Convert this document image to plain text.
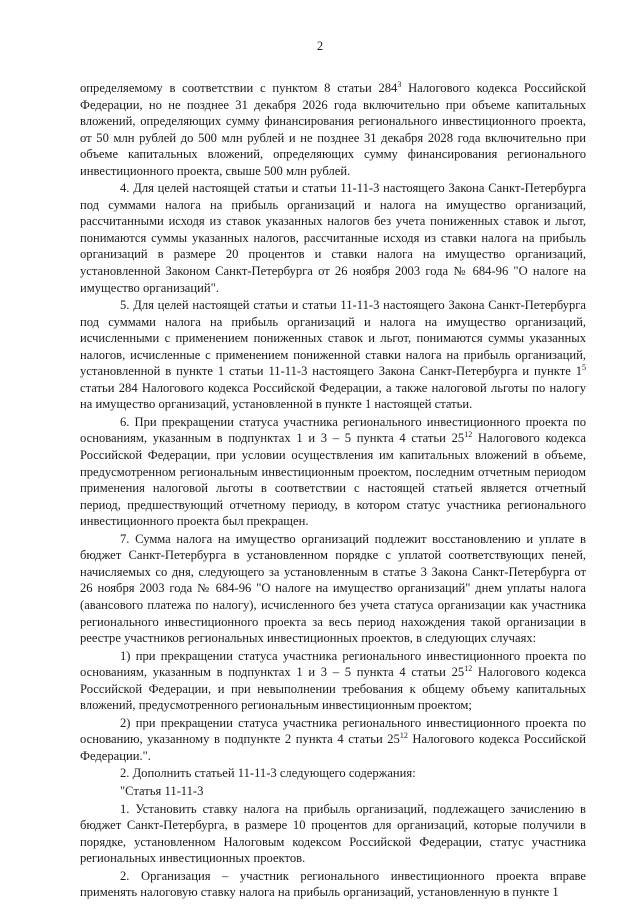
2

определяемому в соответствии с пунктом 8 статьи $284^3$ Налогового кодекса Российской Федерации, но не позднее 31 декабря 2026 года включительно при объеме капитальных вложений, определяющих сумму финансирования регионального инвестиционного проекта, от 50 млн рублей до 500 млн рублей и не позднее 31 декабря 2028 года включительно при объеме капитальных вложений, определяющих сумму финансирования регионального инвестиционного проекта, свыше 500 млн рублей.

4. Для целей настоящей статьи и статьи 11-11-3 настоящего Закона Санкт-Петербурга под суммами налога на прибыль организаций и налога на имущество организаций, рассчитанными исходя из ставок указанных налогов без учета пониженных ставок и льгот, понимаются суммы указанных налогов, рассчитанные исходя из ставки налога на прибыль организаций в размере 20 процентов и ставки налога на имущество организаций, установленной Законом Санкт-Петербурга от 26 ноября 2003 года № 684-96 "О налоге на имущество организаций".

5. Для целей настоящей статьи и статьи 11-11-3 настоящего Закона Санкт-Петербурга под суммами налога на прибыль организаций и налога на имущество организаций, исчисленными с применением пониженных ставок и льгот, понимаются суммы указанных налогов, исчисленные с применением пониженной ставки налога на прибыль организаций, установленной в пункте 1 статьи 11-11-3 настоящего Закона Санкт-Петербурга и пункте $1^5$ статьи 284 Налогового кодекса Российской Федерации, а также налоговой льготы по налогу на имущество организаций, установленной в пункте 1 настоящей статьи.

6. При прекращении статуса участника регионального инвестиционного проекта по основаниям, указанным в подпунктах 1 и 3 – 5 пункта 4 статьи $25^{12}$ Налогового кодекса Российской Федерации, при условии осуществления им капитальных вложений в объеме, предусмотренном региональным инвестиционным проектом, последним отчетным периодом применения налоговой льготы в соответствии с настоящей статьей является отчетный период, предшествующий отчетному периоду, в котором статус участника регионального инвестиционного проекта был прекращен.

7. Сумма налога на имущество организаций подлежит восстановлению и уплате в бюджет Санкт-Петербурга в установленном порядке с уплатой соответствующих пеней, начисляемых со дня, следующего за установленным в статье 3 Закона Санкт-Петербурга от 26 ноября 2003 года № 684-96 "О налоге на имущество организаций" днем уплаты налога (авансового платежа по налогу), исчисленного без учета статуса организации как участника регионального инвестиционного проекта за весь период нахождения такой организации в реестре участников региональных инвестиционных проектов, в следующих случаях:

1) при прекращении статуса участника регионального инвестиционного проекта по основаниям, указанным в подпунктах 1 и 3 – 5 пункта 4 статьи $25^{12}$ Налогового кодекса Российской Федерации, и при невыполнении требования к общему объему капитальных вложений, предусмотренного региональным инвестиционным проектом;

2) при прекращении статуса участника регионального инвестиционного проекта по основанию, указанному в подпункте 2 пункта 4 статьи $25^{12}$ Налогового кодекса Российской Федерации.".

2. Дополнить статьей 11-11-3 следующего содержания:

"Статья 11-11-3

1. Установить ставку налога на прибыль организаций, подлежащего зачислению в бюджет Санкт-Петербурга, в размере 10 процентов для организаций, которые получили в порядке, установленном Налоговым кодексом Российской Федерации, статус участника региональных инвестиционных проектов.

2. Организация – участник регионального инвестиционного проекта вправе применять налоговую ставку налога на прибыль организаций, установленную в пункте 1
